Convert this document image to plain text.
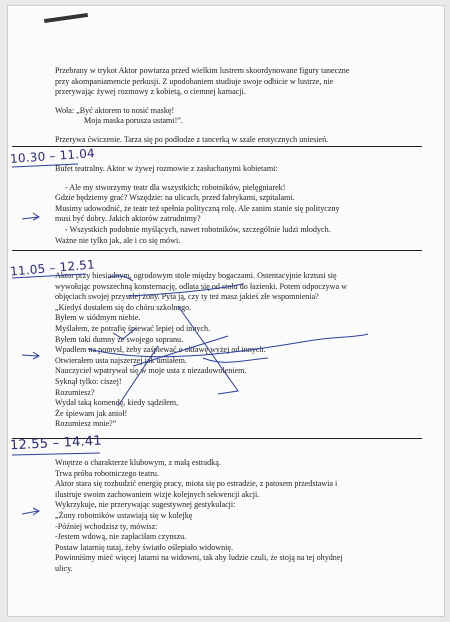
Przebrany w trykot Aktor powtarza przed wielkim lustrem skoordynowane figury taneczne

przy akompaniamencie perkusji. Z upodobaniem studiuje swoje odbicie w lustrze, nie

przerywając żywej rozmowy z kobietą, o ciemnej karnacji.

Woła: „Być aktorem to nosić maskę!

Moja maska porusza ustami!”.

Przerywa ćwiczenie. Tarza się po podłodze z tancerką w szale erotycznych uniesień.

10.30 – 11.04

Bufet teatralny. Aktor w żywej rozmowie z zasłuchanymi kobietami:

- Ale my stworzymy teatr dla wszystkich; robotników, pielęgniarek!

Gdzie będziemy grać? Wszędzie: na ulicach, przed fabrykami, szpitalami.

Musimy udowodnić, że teatr też spełnia polityczną rolę. Ale zanim stanie się polityczny

musi być dobry. Jakich aktorów zatrudnimy?

- Wszystkich podobnie myślących, nawet robotników, szczególnie ludzi młodych.

Ważne nie tylko jak, ale i co się mówi.

11.05 – 12.51

Aktor przy biesiadnym, ogrodowym stole między bogaczami. Ostentacyjnie krztusi się

wywołując powszechną konsternację, odlata się od stołu do łazienki. Potem odpoczywa w

objęciach swojej przyszłej żony. Pyta ją, czy ty też masz jakieś złe wspomnienia?

„Kiedyś dostałem się do chóru szkolnego.

Byłem w siódmym niebie.

Myślałem, że potrafię śpiewać lepiej od innych.

Byłem taki dumny ze swojego sopranu.

Wpadłem na pomysł, żeby zaśpiewać o oktawę wyżej od innych.

Otwierałem usta najszerzej jak umiałem.

Nauczyciel wpatrywał się w moje usta z niezadowoleniem.

Syknął tylko: ciszej!

Rozumiesz?

Wydał taką komendę, kiedy sądziłem,

Że śpiewam jak anioł!

Rozumiesz mnie?”

12.55 – 14.41

Wnętrze o charakterze klubowym, z małą estradką.

Trwa próba robotniczego teatru.

Aktor stara się rozbudzić energię pracy, miota się po estradzie, z patosem przedstawia i

ilustruje swoim zachowaniem wizje kolejnych sekwencji akcji.

Wykrzykuje, nie przerywając sugestywnej gestykulacji:

„Żony robotników ustawiają się w kolejkę

-Później wchodzisz ty, mówisz:

-Jestem wdową, nie zapłaciłam czynszu.

Postaw latarnię tutaj, żeby światło oślepiało widownię.

Powinniśmy mieć więcej latarni na widowni, tak aby ludzie czuli, że stoją na tej ohydnej

ulicy.
